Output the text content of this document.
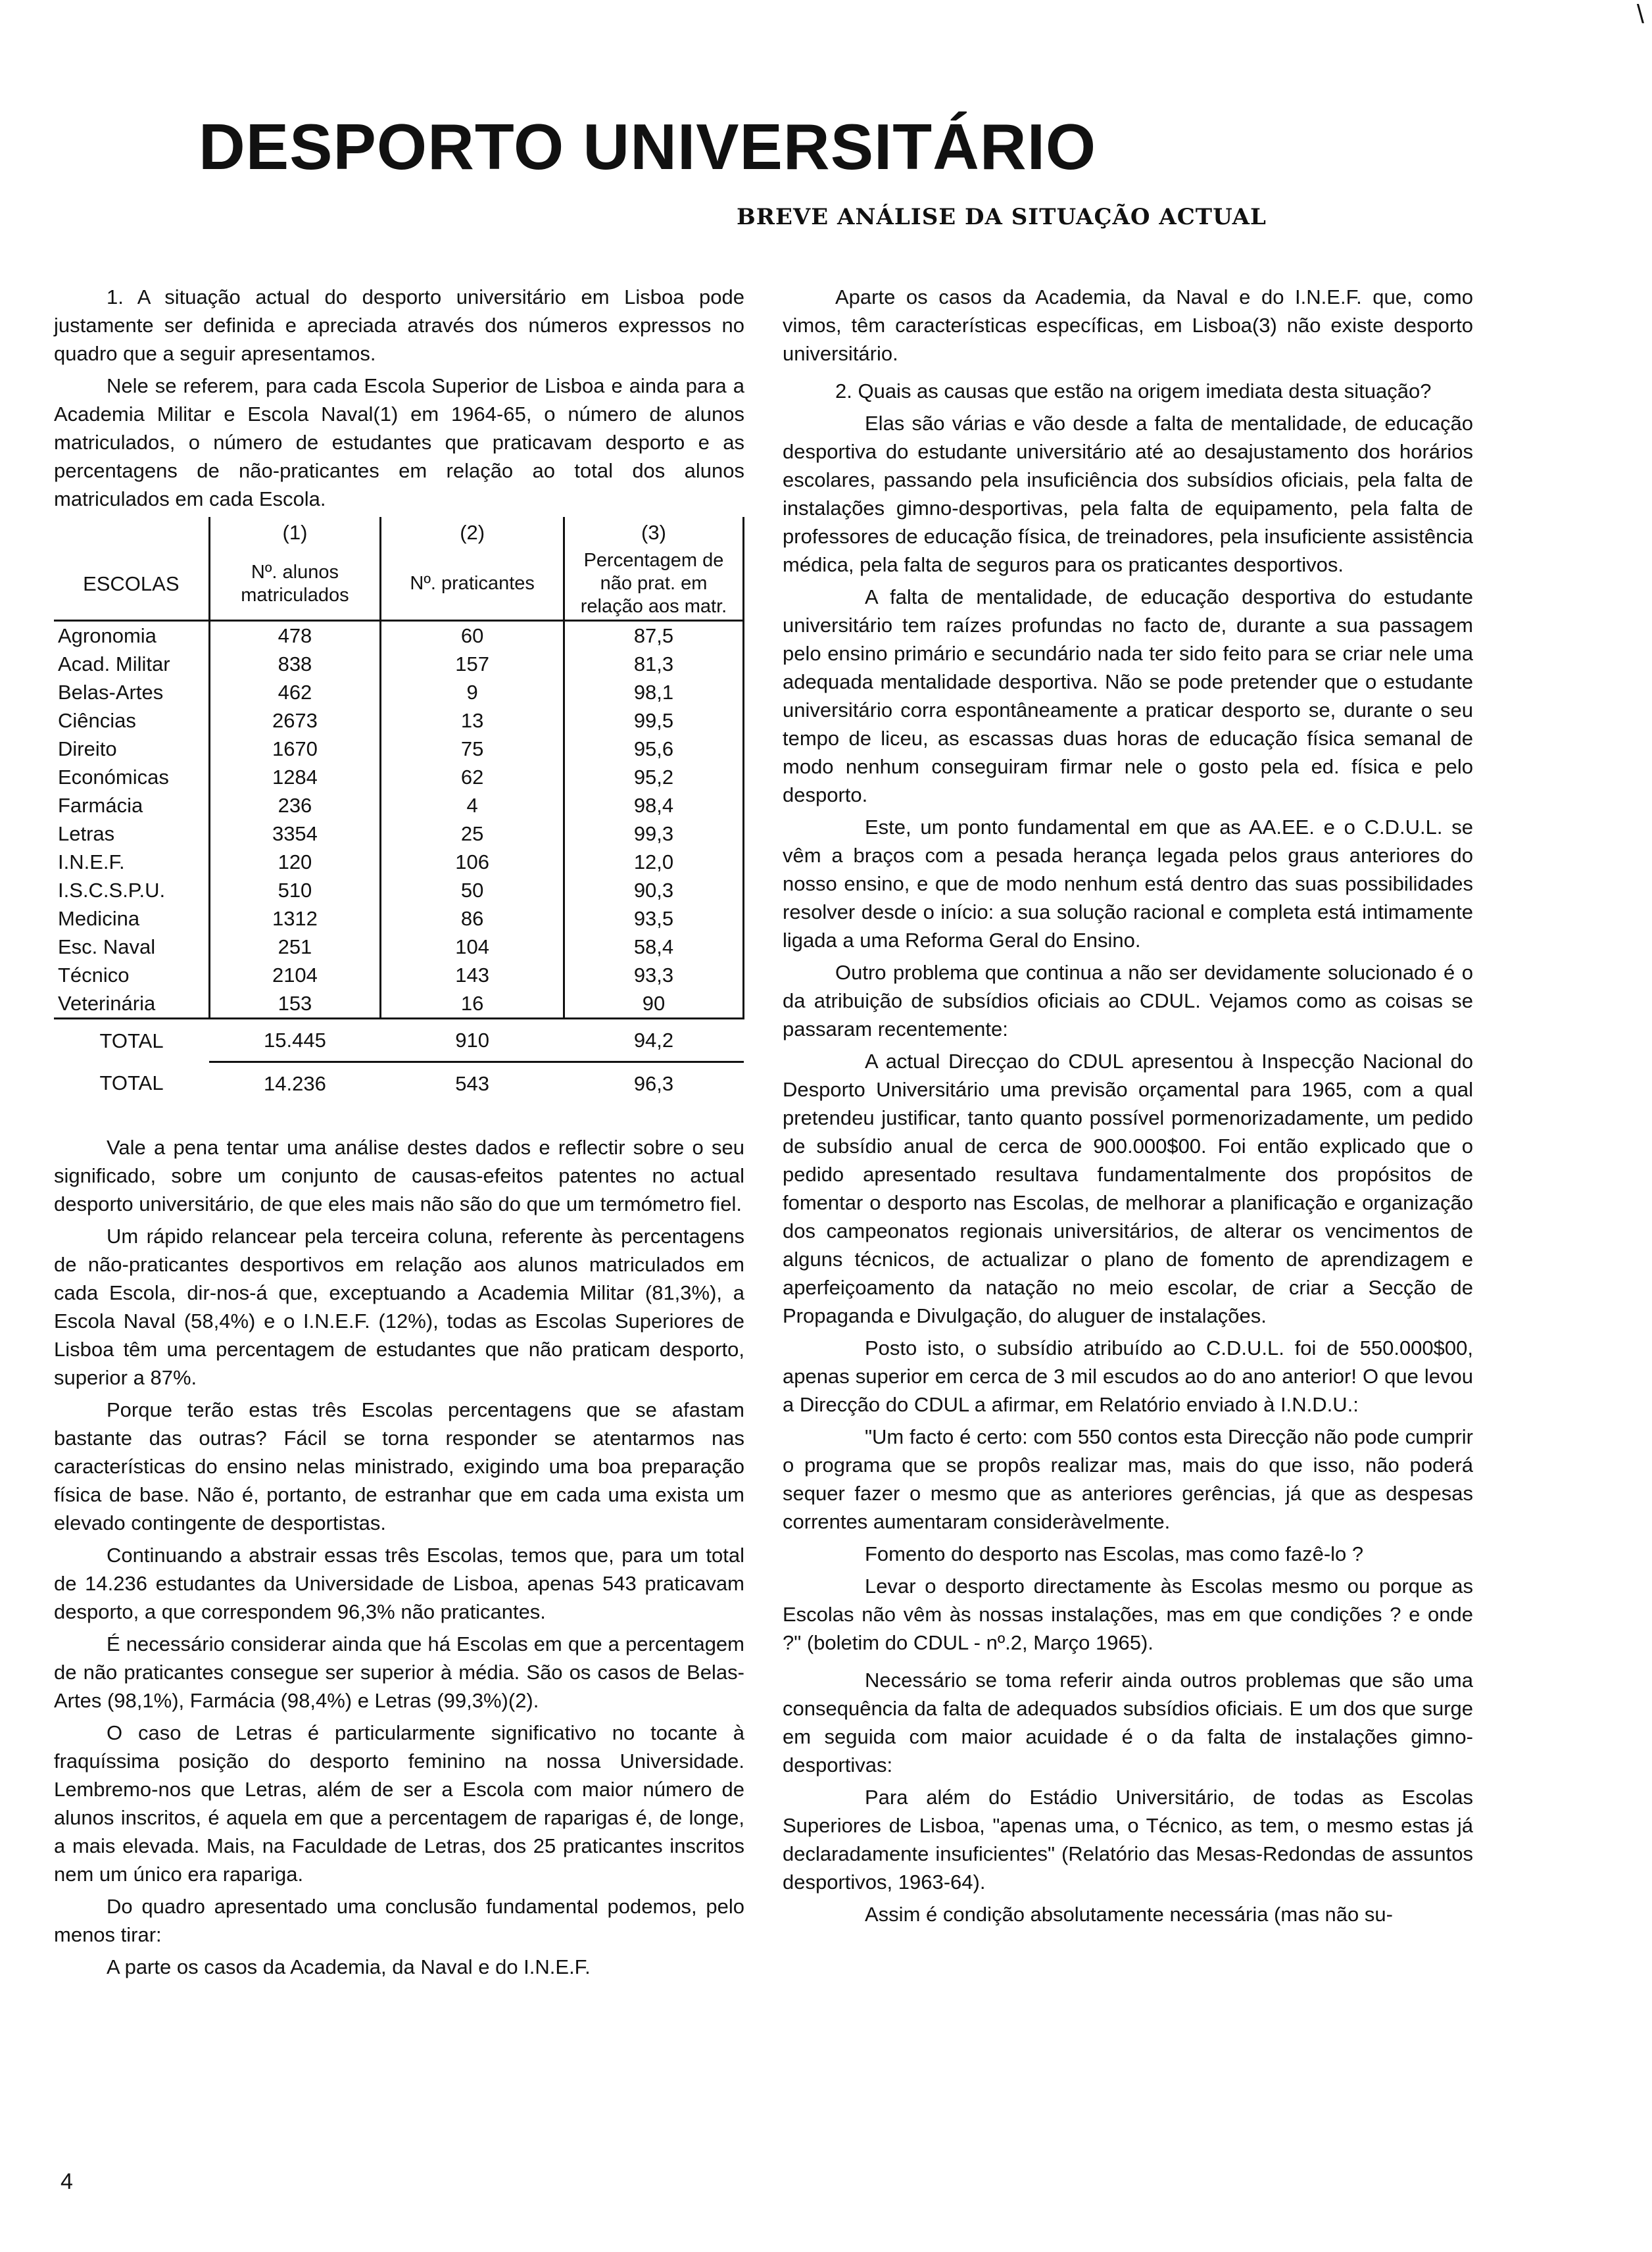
\
DESPORTO UNIVERSITÁRIO
BREVE ANÁLISE DA SITUAÇÃO ACTUAL

1. A situação actual do desporto universitário em Lisboa pode justamente ser definida e apreciada através dos números expressos no quadro que a seguir apresentamos.

Nele se referem, para cada Escola Superior de Lisboa e ainda para a Academia Militar e Escola Naval(1) em 1964-65, o número de alunos matriculados, o número de estudantes que praticavam desporto e as percentagens de não-praticantes em relação ao total dos alunos matriculados em cada Escola.

	(1)	(2)	(3)
ESCOLAS	Nº. alunos matriculados	Nº. praticantes	Percentagem de não prat. em relação aos matr.
Agronomia	478	60	87,5
Acad. Militar	838	157	81,3
Belas-Artes	462	9	98,1
Ciências	2673	13	99,5
Direito	1670	75	95,6
Económicas	1284	62	95,2
Farmácia	236	4	98,4
Letras	3354	25	99,3
I.N.E.F.	120	106	12,0
I.S.C.S.P.U.	510	50	90,3
Medicina	1312	86	93,5
Esc. Naval	251	104	58,4
Técnico	2104	143	93,3
Veterinária	153	16	90
TOTAL	15.445	910	94,2
TOTAL	14.236	543	96,3

Vale a pena tentar uma análise destes dados e reflectir sobre o seu significado, sobre um conjunto de causas-efeitos patentes no actual desporto universitário, de que eles mais não são do que um termómetro fiel.

Um rápido relancear pela terceira coluna, referente às percentagens de não-praticantes desportivos em relação aos alunos matriculados em cada Escola, dir-nos-á que, exceptuando a Academia Militar (81,3%), a Escola Naval (58,4%) e o I.N.E.F. (12%), todas as Escolas Superiores de Lisboa têm uma percentagem de estudantes que não praticam desporto, superior a 87%.

Porque terão estas três Escolas percentagens que se afastam bastante das outras? Fácil se torna responder se atentarmos nas características do ensino nelas ministrado, exigindo uma boa preparação física de base. Não é, portanto, de estranhar que em cada uma exista um elevado contingente de desportistas.

Continuando a abstrair essas três Escolas, temos que, para um total de 14.236 estudantes da Universidade de Lisboa, apenas 543 praticavam desporto, a que correspondem 96,3% não praticantes.

É necessário considerar ainda que há Escolas em que a percentagem de não praticantes consegue ser superior à média. São os casos de Belas-Artes (98,1%), Farmácia (98,4%) e Letras (99,3%)(2).

O caso de Letras é particularmente significativo no tocante à fraquíssima posição do desporto feminino na nossa Universidade. Lembremo-nos que Letras, além de ser a Escola com maior número de alunos inscritos, é aquela em que a percentagem de raparigas é, de longe, a mais elevada. Mais, na Faculdade de Letras, dos 25 praticantes inscritos nem um único era rapariga.

Do quadro apresentado uma conclusão fundamental podemos, pelo menos tirar:

A parte os casos da Academia, da Naval e do I.N.E.F.

Aparte os casos da Academia, da Naval e do I.N.E.F. que, como vimos, têm características específicas, em Lisboa(3) não existe desporto universitário.

2. Quais as causas que estão na origem imediata desta situação?

Elas são várias e vão desde a falta de mentalidade, de educação desportiva do estudante universitário até ao desajustamento dos horários escolares, passando pela insuficiência dos subsídios oficiais, pela falta de instalações gimno-desportivas, pela falta de equipamento, pela falta de professores de educação física, de treinadores, pela insuficiente assistência médica, pela falta de seguros para os praticantes desportivos.

A falta de mentalidade, de educação desportiva do estudante universitário tem raízes profundas no facto de, durante a sua passagem pelo ensino primário e secundário nada ter sido feito para se criar nele uma adequada mentalidade desportiva. Não se pode pretender que o estudante universitário corra espontâneamente a praticar desporto se, durante o seu tempo de liceu, as escassas duas horas de educação física semanal de modo nenhum conseguiram firmar nele o gosto pela ed. física e pelo desporto.

Este, um ponto fundamental em que as AA.EE. e o C.D.U.L. se vêm a braços com a pesada herança legada pelos graus anteriores do nosso ensino, e que de modo nenhum está dentro das suas possibilidades resolver desde o início: a sua solução racional e completa está intimamente ligada a uma Reforma Geral do Ensino.

Outro problema que continua a não ser devidamente solucionado é o da atribuição de subsídios oficiais ao CDUL. Vejamos como as coisas se passaram recentemente:

A actual Direcçao do CDUL apresentou à Inspecção Nacional do Desporto Universitário uma previsão orçamental para 1965, com a qual pretendeu justificar, tanto quanto possível pormenorizadamente, um pedido de subsídio anual de cerca de 900.000$00. Foi então explicado que o pedido apresentado resultava fundamentalmente dos propósitos de fomentar o desporto nas Escolas, de melhorar a planificação e organização dos campeonatos regionais universitários, de alterar os vencimentos de alguns técnicos, de actualizar o plano de fomento de aprendizagem e aperfeiçoamento da natação no meio escolar, de criar a Secção de Propaganda e Divulgação, do aluguer de instalações.

Posto isto, o subsídio atribuído ao C.D.U.L. foi de 550.000$00, apenas superior em cerca de 3 mil escudos ao do ano anterior! O que levou a Direcção do CDUL a afirmar, em Relatório enviado à I.N.D.U.:

"Um facto é certo: com 550 contos esta Direcção não pode cumprir o programa que se propôs realizar mas, mais do que isso, não poderá sequer fazer o mesmo que as anteriores gerências, já que as despesas correntes aumentaram consideràvelmente.

Fomento do desporto nas Escolas, mas como fazê-lo ?

Levar o desporto directamente às Escolas mesmo ou porque as Escolas não vêm às nossas instalações, mas em que condições ? e onde ?" (boletim do CDUL - nº.2, Março 1965).

Necessário se toma referir ainda outros problemas que são uma consequência da falta de adequados subsídios oficiais. E um dos que surge em seguida com maior acuidade é o da falta de instalações gimno-desportivas:

Para além do Estádio Universitário, de todas as Escolas Superiores de Lisboa, "apenas uma, o Técnico, as tem, o mesmo estas já declaradamente insuficientes" (Relatório das Mesas-Redondas de assuntos desportivos, 1963-64).

Assim é condição absolutamente necessária (mas não su-

4
